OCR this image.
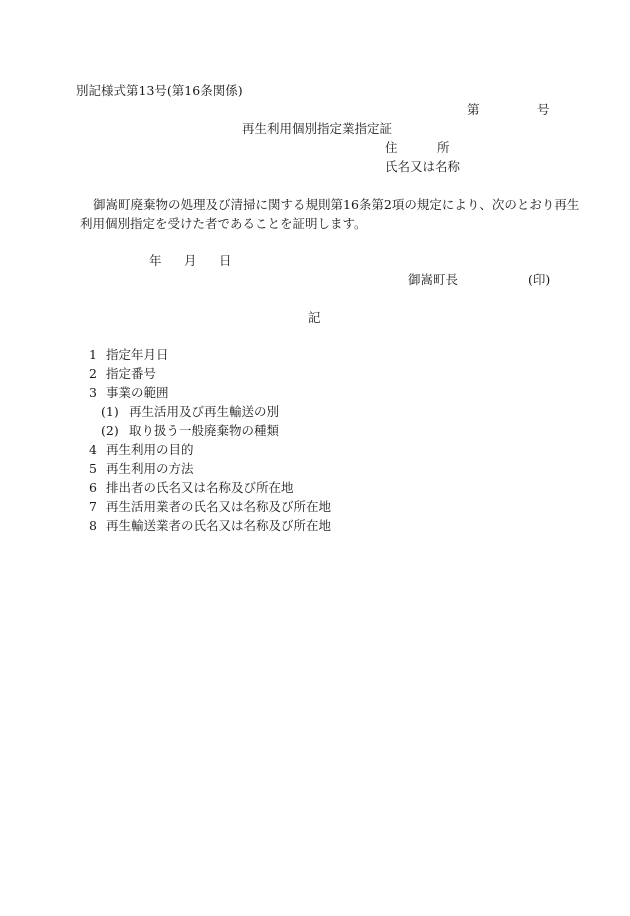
別記様式第13号(第16条関係)
第	号
再生利用個別指定業指定証
住	所
氏名又は名称
御嵩町廃棄物の処理及び清掃に関する規則第16条第2項の規定により、次のとおり再生
利用個別指定を受けた者であることを証明します。
年 月 日
御嵩町長	(印)
記
1 指定年月日
2 指定番号
3 事業の範囲
(1) 再生活用及び再生輸送の別
(2) 取り扱う一般廃棄物の種類
4 再生利用の目的
5 再生利用の方法
6 排出者の氏名又は名称及び所在地
7 再生活用業者の氏名又は名称及び所在地
8 再生輸送業者の氏名又は名称及び所在地
